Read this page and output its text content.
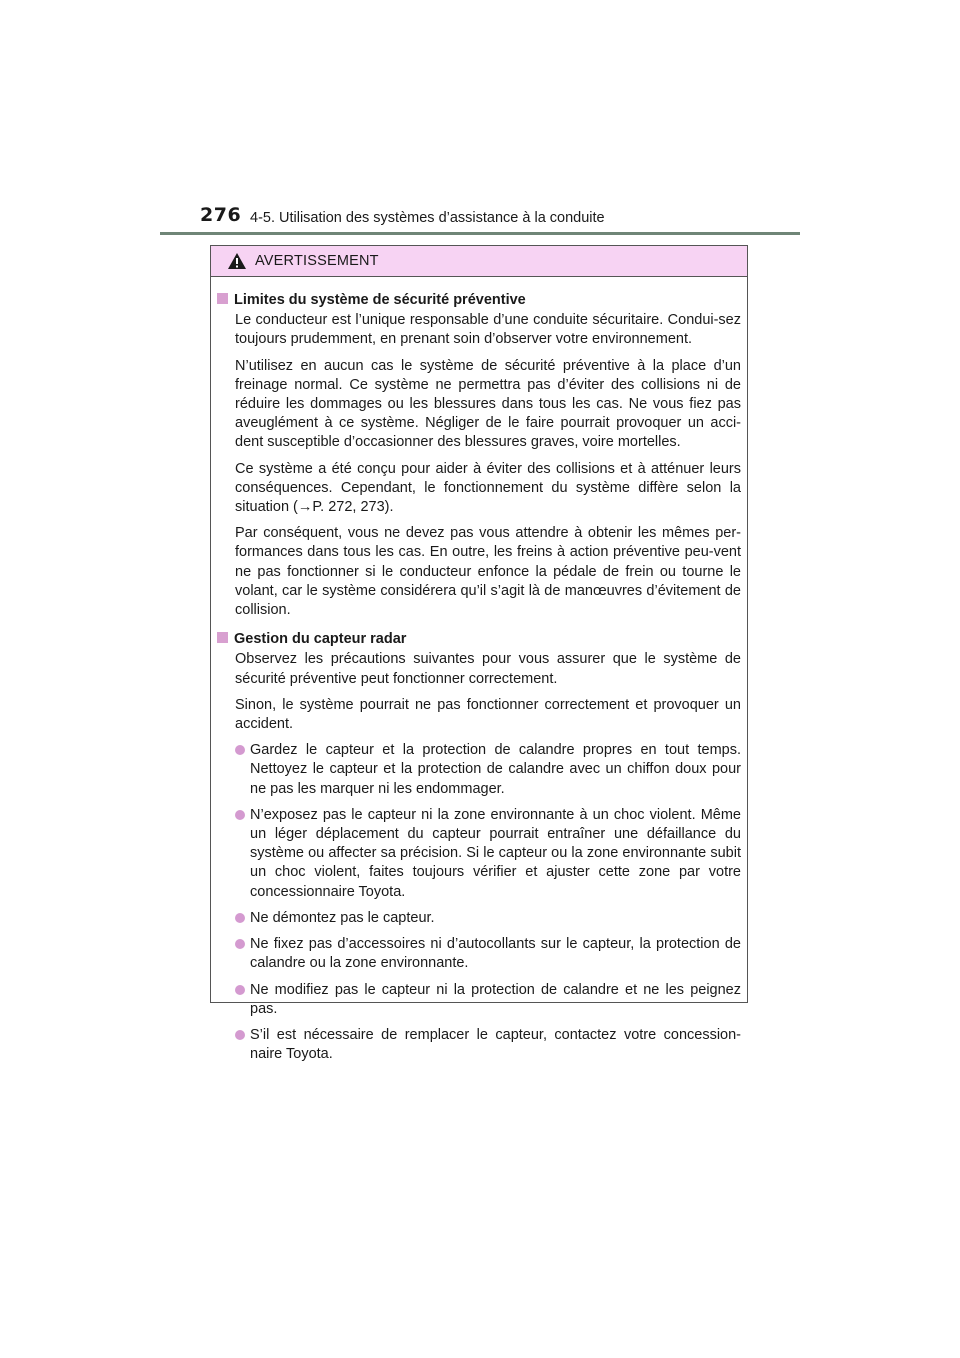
276 4-5. Utilisation des systèmes d’assistance à la conduite
AVERTISSEMENT
Limites du système de sécurité préventive

Le conducteur est l’unique responsable d’une conduite sécuritaire. Condui-sez toujours prudemment, en prenant soin d’observer votre environnement.

N’utilisez en aucun cas le système de sécurité préventive à la place d’un freinage normal. Ce système ne permettra pas d’éviter des collisions ni de réduire les dommages ou les blessures dans tous les cas. Ne vous fiez pas aveuglément à ce système. Négliger de le faire pourrait provoquer un acci-dent susceptible d’occasionner des blessures graves, voire mortelles.

Ce système a été conçu pour aider à éviter des collisions et à atténuer leurs conséquences. Cependant, le fonctionnement du système diffère selon la situation (→P. 272, 273).

Par conséquent, vous ne devez pas vous attendre à obtenir les mêmes per-formances dans tous les cas. En outre, les freins à action préventive peu-vent ne pas fonctionner si le conducteur enfonce la pédale de frein ou tourne le volant, car le système considérera qu’il s’agit là de manœuvres d’évitement de collision.

Gestion du capteur radar

Observez les précautions suivantes pour vous assurer que le système de sécurité préventive peut fonctionner correctement.

Sinon, le système pourrait ne pas fonctionner correctement et provoquer un accident.

Gardez le capteur et la protection de calandre propres en tout temps. Nettoyez le capteur et la protection de calandre avec un chiffon doux pour ne pas les marquer ni les endommager.
N’exposez pas le capteur ni la zone environnante à un choc violent. Même un léger déplacement du capteur pourrait entraîner une défaillance du système ou affecter sa précision. Si le capteur ou la zone environnante subit un choc violent, faites toujours vérifier et ajuster cette zone par votre concessionnaire Toyota.
Ne démontez pas le capteur.
Ne fixez pas d’accessoires ni d’autocollants sur le capteur, la protection de calandre ou la zone environnante.
Ne modifiez pas le capteur ni la protection de calandre et ne les peignez pas.
S’il est nécessaire de remplacer le capteur, contactez votre concession-naire Toyota.
